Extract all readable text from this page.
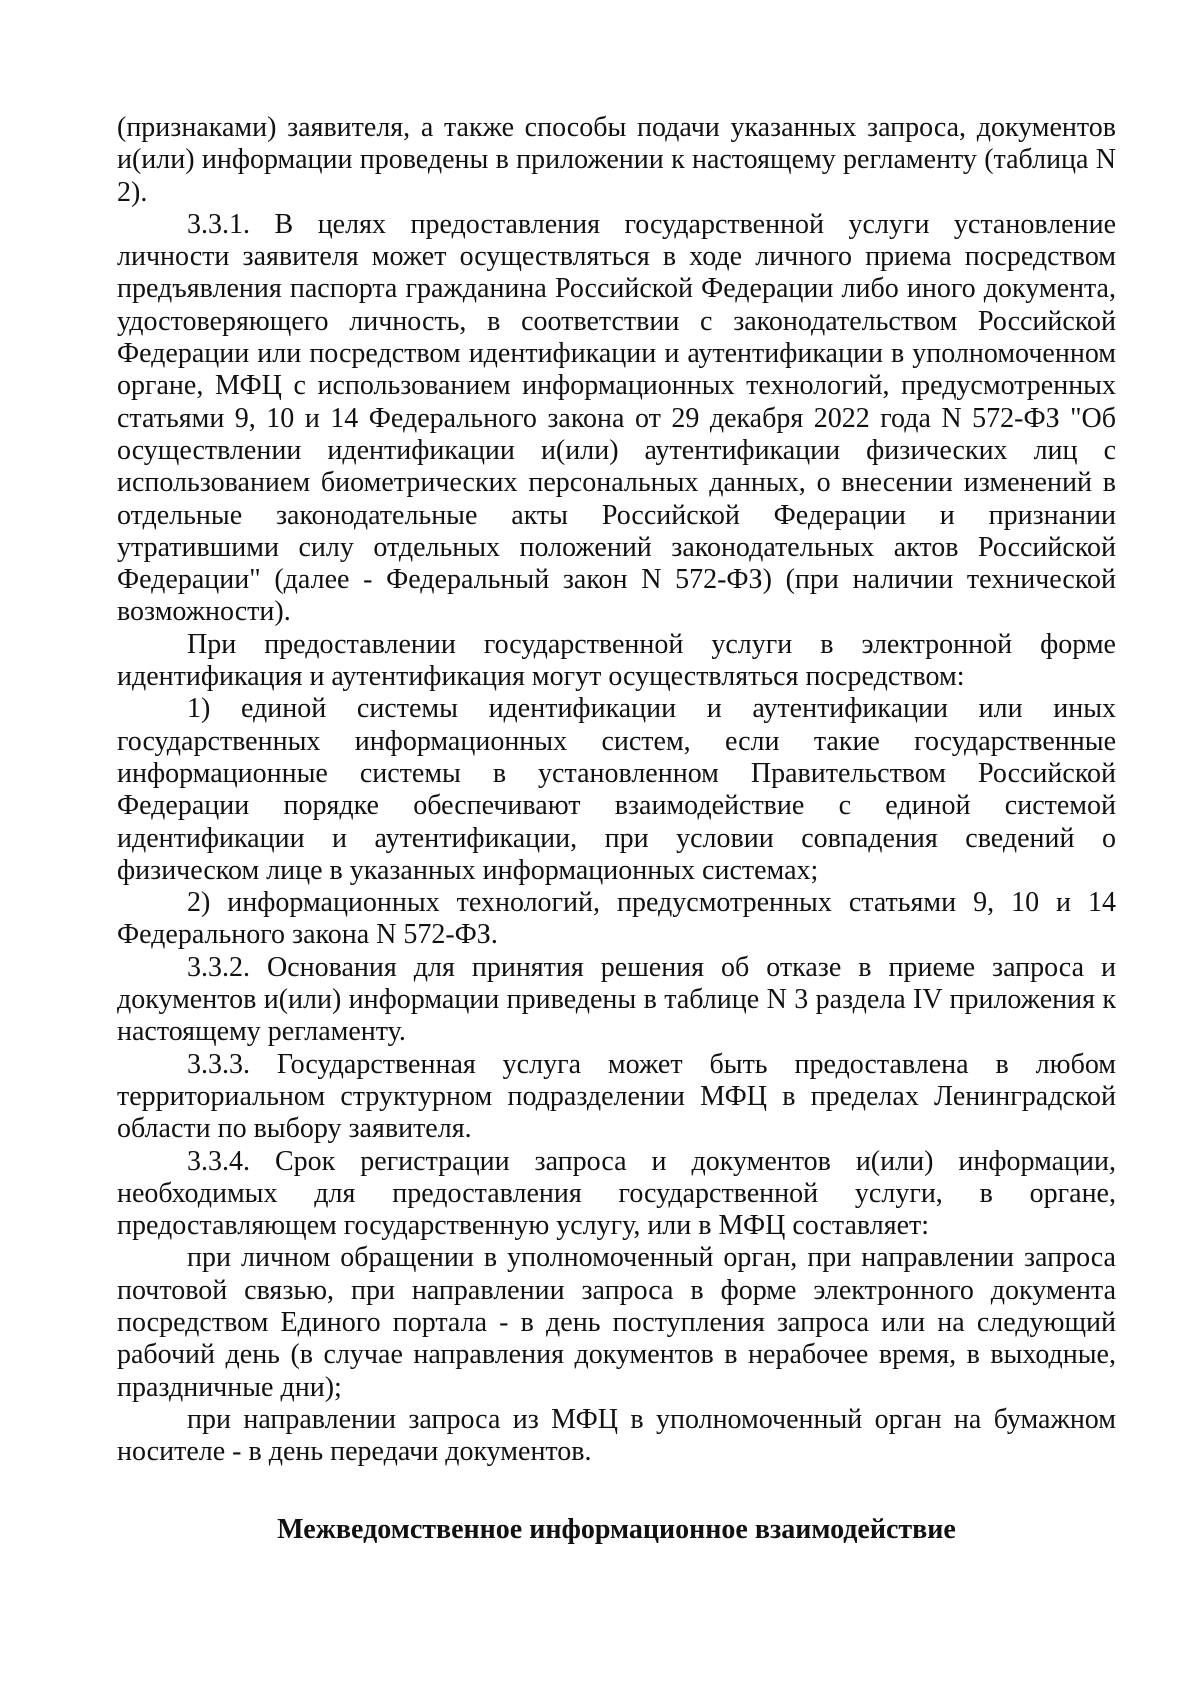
(признаками) заявителя, а также способы подачи указанных запроса, документов и(или) информации проведены в приложении к настоящему регламенту (таблица N 2).

3.3.1. В целях предоставления государственной услуги установление личности заявителя может осуществляться в ходе личного приема посредством предъявления паспорта гражданина Российской Федерации либо иного документа, удостоверяющего личность, в соответствии с законодательством Российской Федерации или посредством идентификации и аутентификации в уполномоченном органе, МФЦ с использованием информационных технологий, предусмотренных статьями 9, 10 и 14 Федерального закона от 29 декабря 2022 года N 572-ФЗ "Об осуществлении идентификации и(или) аутентификации физических лиц с использованием биометрических персональных данных, о внесении изменений в отдельные законодательные акты Российской Федерации и признании утратившими силу отдельных положений законодательных актов Российской Федерации" (далее - Федеральный закон N 572-ФЗ) (при наличии технической возможности).

При предоставлении государственной услуги в электронной форме идентификация и аутентификация могут осуществляться посредством:

1) единой системы идентификации и аутентификации или иных государственных информационных систем, если такие государственные информационные системы в установленном Правительством Российской Федерации порядке обеспечивают взаимодействие с единой системой идентификации и аутентификации, при условии совпадения сведений о физическом лице в указанных информационных системах;

2) информационных технологий, предусмотренных статьями 9, 10 и 14 Федерального закона N 572-ФЗ.

3.3.2. Основания для принятия решения об отказе в приеме запроса и документов и(или) информации приведены в таблице N 3 раздела IV приложения к настоящему регламенту.

3.3.3. Государственная услуга может быть предоставлена в любом территориальном структурном подразделении МФЦ в пределах Ленинградской области по выбору заявителя.

3.3.4. Срок регистрации запроса и документов и(или) информации, необходимых для предоставления государственной услуги, в органе, предоставляющем государственную услугу, или в МФЦ составляет:

при личном обращении в уполномоченный орган, при направлении запроса почтовой связью, при направлении запроса в форме электронного документа посредством Единого портала - в день поступления запроса или на следующий рабочий день (в случае направления документов в нерабочее время, в выходные, праздничные дни);

при направлении запроса из МФЦ в уполномоченный орган на бумажном носителе - в день передачи документов.

Межведомственное информационное взаимодействие
